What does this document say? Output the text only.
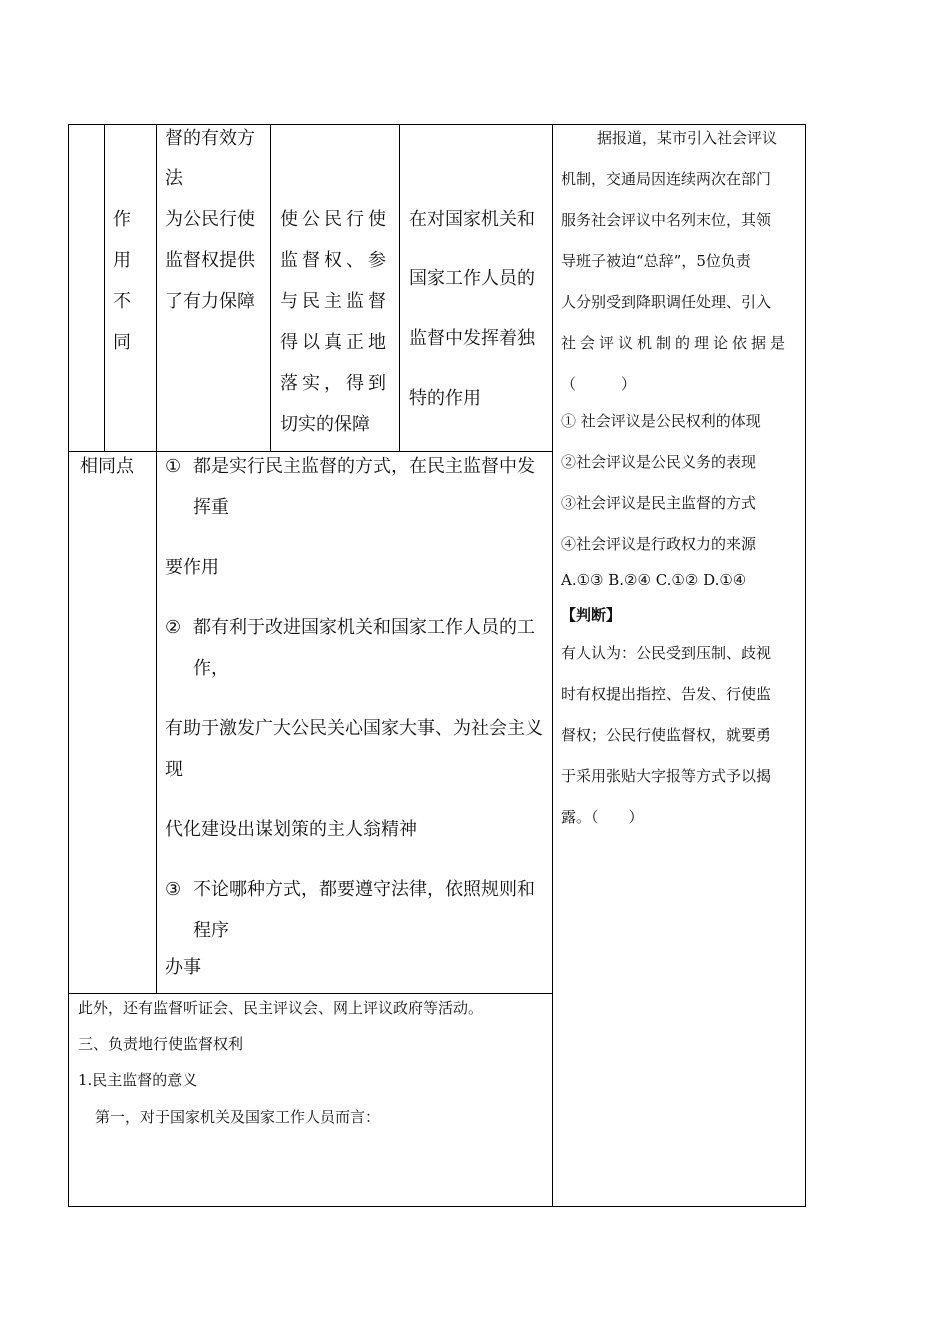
督的有效方
法
作
用
不
同
为公民行使
监督权提供
了有力保障
使公民行使
监督权、参
与民主监督
得以真正地
落实，得到
切实的保障
在对国家机关和
国家工作人员的
监督中发挥着独
特的作用
相同点 ① 都是实行民主监督的方式，在民主监督中发
挥重
要作用
② 都有利于改进国家机关和国家工作人员的工
作，
有助于激发广大公民关心国家大事、为社会主义
现
代化建设出谋划策的主人翁精神
③ 不论哪种方式，都要遵守法律，依照规则和
程序
办事
此外，还有监督听证会、民主评议会、网上评议政府等活动。
三、负责地行使监督权利
1.民主监督的意义
第一，对于国家机关及国家工作人员而言：
据报道，某市引入社会评议
机制，交通局因连续两次在部门
服务社会评议中名列末位，其领
导班子被迫“总辞”，5位负责
人分别受到降职调任处理、引入
社会评议机制的理论依据是
（　　　）
① 社会评议是公民权利的体现
②社会评议是公民义务的表现
③社会评议是民主监督的方式
④社会评议是行政权力的来源
A.①③ B.②④ C.①② D.①④
【判断】
有人认为：公民受到压制、歧视
时有权提出指控、告发、行使监
督权；公民行使监督权，就要勇
于采用张贴大字报等方式予以揭
露。（　　）
